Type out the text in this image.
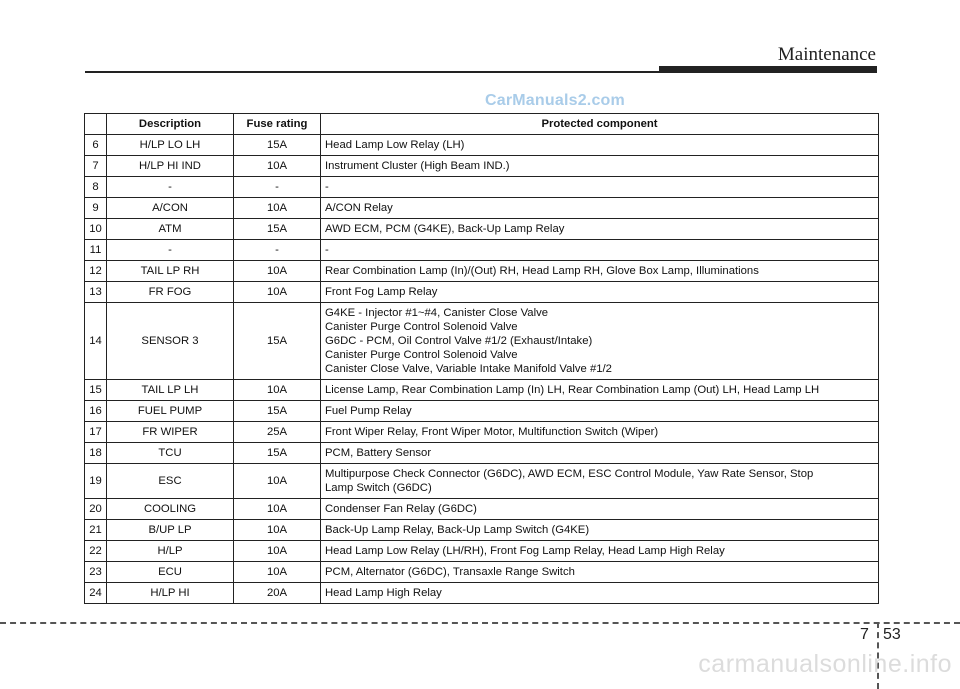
Maintenance
CarManuals2.com
	Description	Fuse rating	Protected component
6	H/LP LO LH	15A	Head Lamp Low Relay (LH)

7	H/LP HI IND	10A	Instrument Cluster (High Beam IND.)

8	-	-	-

9	A/CON	10A	A/CON Relay

10	ATM	15A	AWD ECM, PCM (G4KE), Back-Up Lamp Relay

11	-	-	-

12	TAIL LP RH	10A	Rear Combination Lamp (In)/(Out) RH, Head Lamp RH, Glove Box Lamp, Illuminations

13	FR FOG	10A	Front Fog Lamp Relay

14	SENSOR 3	15A	G4KE - Injector #1~#4, Canister Close Valve
Canister Purge Control Solenoid Valve
G6DC - PCM, Oil Control Valve #1/2 (Exhaust/Intake)
Canister Purge Control Solenoid Valve
Canister Close Valve, Variable Intake Manifold Valve #1/2

15	TAIL LP LH	10A	License Lamp, Rear Combination Lamp (In) LH, Rear Combination Lamp (Out) LH, Head Lamp LH

16	FUEL PUMP	15A	Fuel Pump Relay

17	FR WIPER	25A	Front Wiper Relay, Front Wiper Motor, Multifunction Switch (Wiper)

18	TCU	15A	PCM, Battery Sensor

19	ESC	10A	Multipurpose Check Connector (G6DC), AWD ECM, ESC Control Module, Yaw Rate Sensor, Stop
Lamp Switch (G6DC)

20	COOLING	10A	Condenser Fan Relay (G6DC)

21	B/UP LP	10A	Back-Up Lamp Relay, Back-Up Lamp Switch (G4KE)

22	H/LP	10A	Head Lamp Low Relay (LH/RH), Front Fog Lamp Relay, Head Lamp High Relay

23	ECU	10A	PCM, Alternator (G6DC), Transaxle Range Switch

24	H/LP HI	20A	Head Lamp High Relay
7 53
carmanualsonline.info
